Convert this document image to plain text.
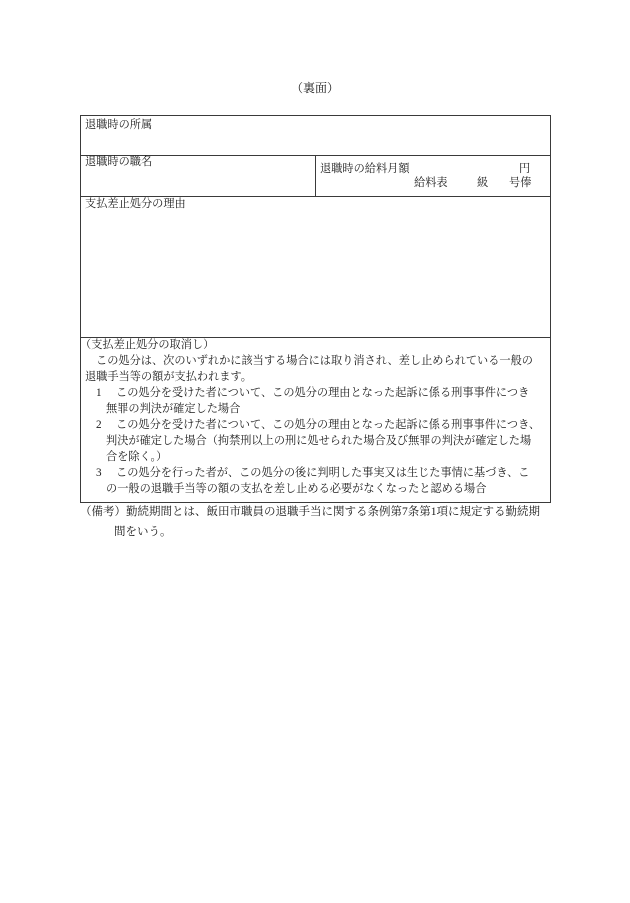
（裏面）
退職時の所属
退職時の職名
退職時の給料月額	円
給料表	級 号俸
支払差止処分の理由
（支払差止処分の取消し）
この処分は、次のいずれかに該当する場合には取り消され、差し止められている一般の
退職手当等の額が支払われます。
1 この処分を受けた者について、この処分の理由となった起訴に係る刑事事件につき
無罪の判決が確定した場合
2 この処分を受けた者について、この処分の理由となった起訴に係る刑事事件につき、
判決が確定した場合（拘禁刑以上の刑に処せられた場合及び無罪の判決が確定した場
合を除く。）
3 この処分を行った者が、この処分の後に判明した事実又は生じた事情に基づき、こ
の一般の退職手当等の額の支払を差し止める必要がなくなったと認める場合
（備考） 勤続期間とは、飯田市職員の退職手当に関する条例第7条第1項に規定する勤続期
間をいう。
